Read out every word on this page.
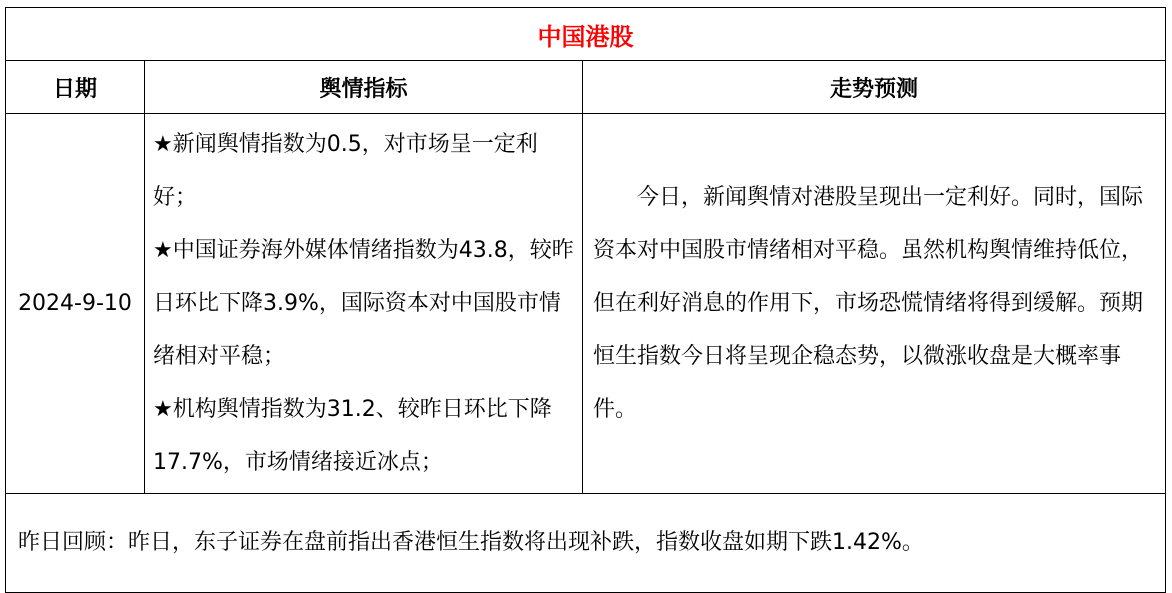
中国港股		
日期	舆情指标	走势预测
2024-9-10	★新闻舆情指数为0.5，对市场呈一定利好；
★中国证券海外媒体情绪指数为43.8，较昨日环比下降3.9%，国际资本对中国股市情绪相对平稳；
★机构舆情指数为31.2、较昨日环比下降17.7%，市场情绪接近冰点；	今日，新闻舆情对港股呈现出一定利好。同时，国际资本对中国股市情绪相对平稳。虽然机构舆情维持低位，但在利好消息的作用下，市场恐慌情绪将得到缓解。预期恒生指数今日将呈现企稳态势，以微涨收盘是大概率事件。

昨日回顾：昨日，东子证券在盘前指出香港恒生指数将出现补跌，指数收盘如期下跌1.42%。		
